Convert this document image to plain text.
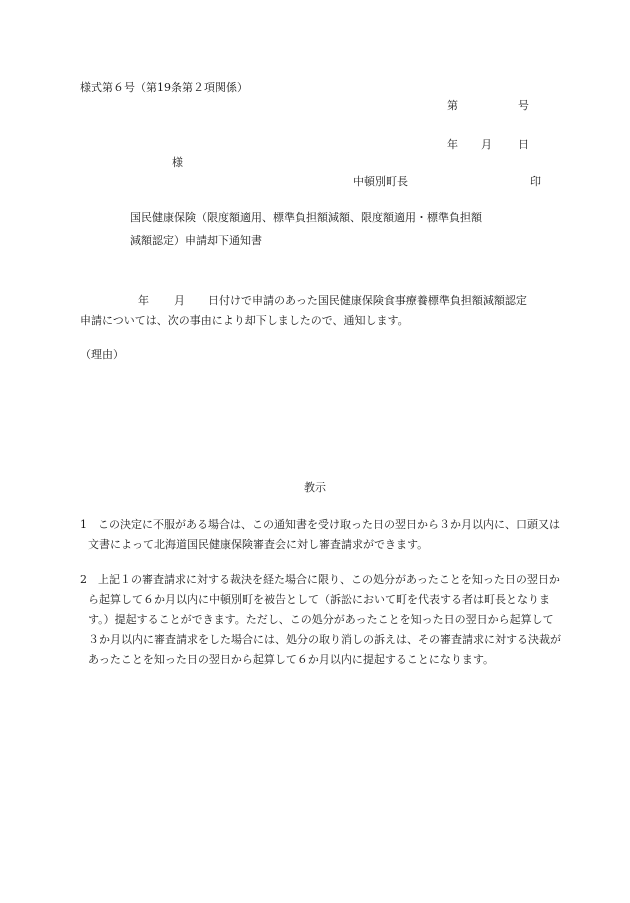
様式第６号（第19条第２項関係）
第	号
年 月 日
様
中頓別町長	印
国民健康保険（限度額適用、標準負担額減額、限度額適用・標準負担額
減額認定）申請却下通知書
年 月 日付けで申請のあった国民健康保険食事療養標準負担額減額認定
申請については、次の事由により却下しましたので、通知します。
（理由）
教示
1　この決定に不服がある場合は、この通知書を受け取った日の翌日から３か月以内に、口頭又は文書によって北海道国民健康保険審査会に対し審査請求ができます。
2　上記１の審査請求に対する裁決を経た場合に限り、この処分があったことを知った日の翌日から起算して６か月以内に中頓別町を被告として（訴訟において町を代表する者は町長となります。）提起することができます。ただし、この処分があったことを知った日の翌日から起算して３か月以内に審査請求をした場合には、処分の取り消しの訴えは、その審査請求に対する決裁があったことを知った日の翌日から起算して６か月以内に提起することになります。
